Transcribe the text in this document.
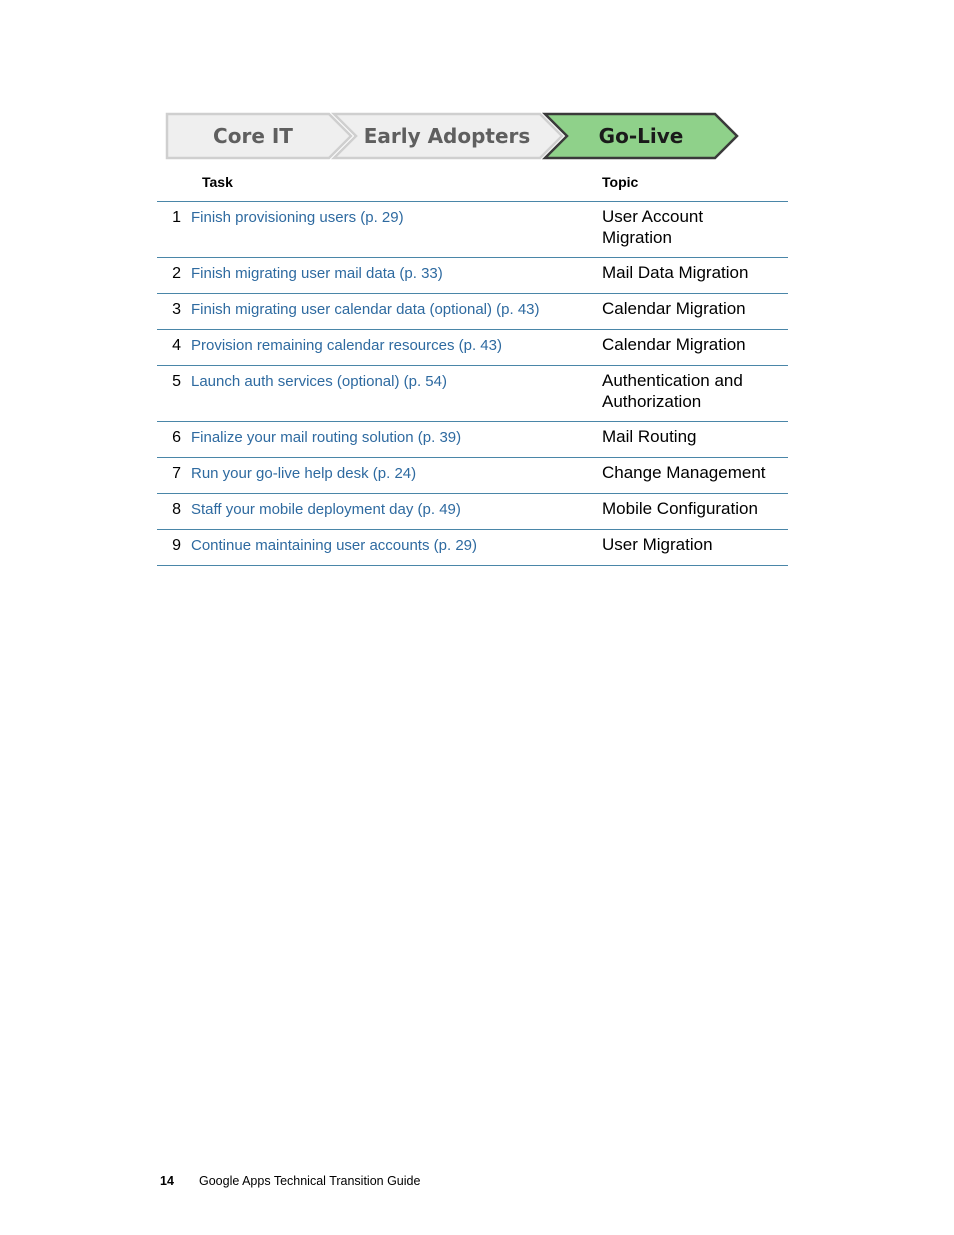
Core IT	Early Adopters	Go-Live
Task		Topic
1	Finish provisioning users (p. 29)	User Account Migration
2	Finish migrating user mail data (p. 33)	Mail Data Migration
3	Finish migrating user calendar data (optional) (p. 43)	Calendar Migration
4	Provision remaining calendar resources (p. 43)	Calendar Migration
5	Launch auth services (optional) (p. 54)	Authentication and Authorization
6	Finalize your mail routing solution (p. 39)	Mail Routing
7	Run your go-live help desk (p. 24)	Change Management
8	Staff your mobile deployment day (p. 49)	Mobile Configuration
9	Continue maintaining user accounts (p. 29)	User Migration
14 Google Apps Technical Transition Guide
